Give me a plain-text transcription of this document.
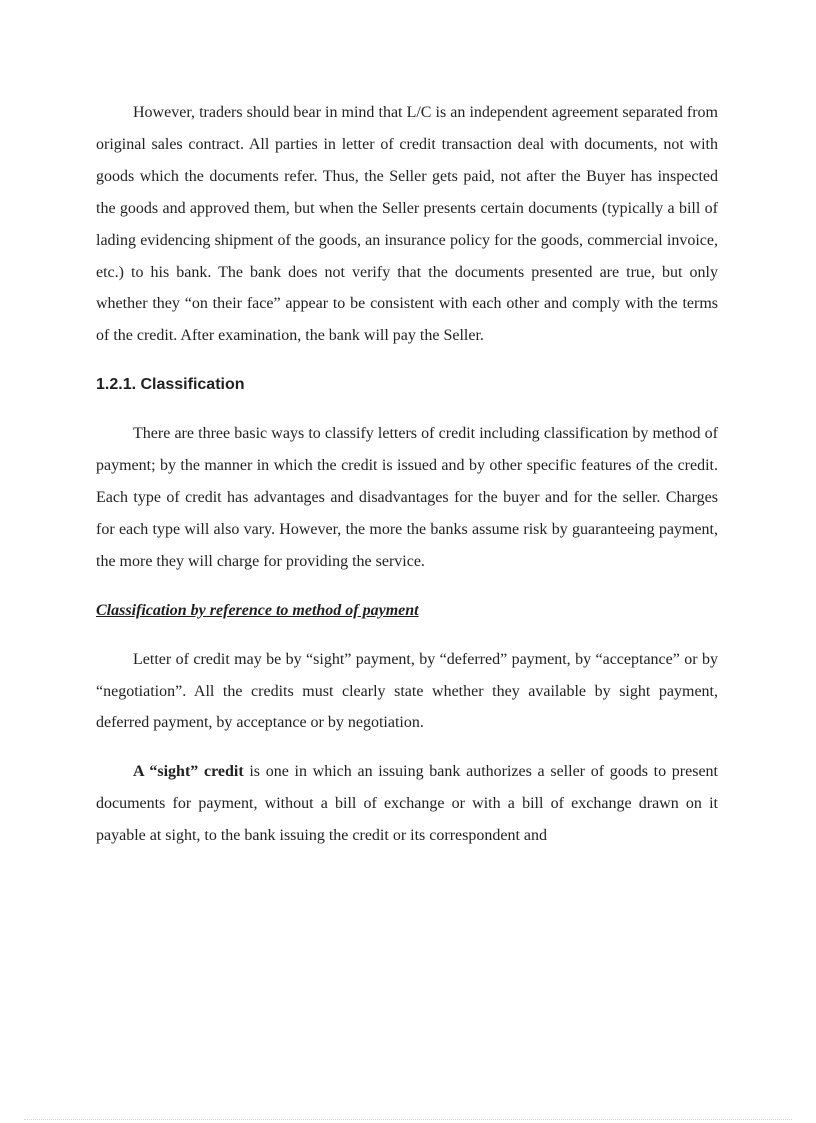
However, traders should bear in mind that L/C is an independent agreement separated from original sales contract. All parties in letter of credit transaction deal with documents, not with goods which the documents refer. Thus, the Seller gets paid, not after the Buyer has inspected the goods and approved them, but when the Seller presents certain documents (typically a bill of lading evidencing shipment of the goods, an insurance policy for the goods, commercial invoice, etc.) to his bank. The bank does not verify that the documents presented are true, but only whether they “on their face” appear to be consistent with each other and comply with the terms of the credit. After examination, the bank will pay the Seller.

1.2.1. Classification

There are three basic ways to classify letters of credit including classification by method of payment; by the manner in which the credit is issued and by other specific features of the credit. Each type of credit has advantages and disadvantages for the buyer and for the seller. Charges for each type will also vary. However, the more the banks assume risk by guaranteeing payment, the more they will charge for providing the service.

Classification by reference to method of payment

Letter of credit may be by “sight” payment, by “deferred” payment, by “acceptance” or by “negotiation”. All the credits must clearly state whether they available by sight payment, deferred payment, by acceptance or by negotiation.

A “sight” credit is one in which an issuing bank authorizes a seller of goods to present documents for payment, without a bill of exchange or with a bill of exchange drawn on it payable at sight, to the bank issuing the credit or its correspondent and
